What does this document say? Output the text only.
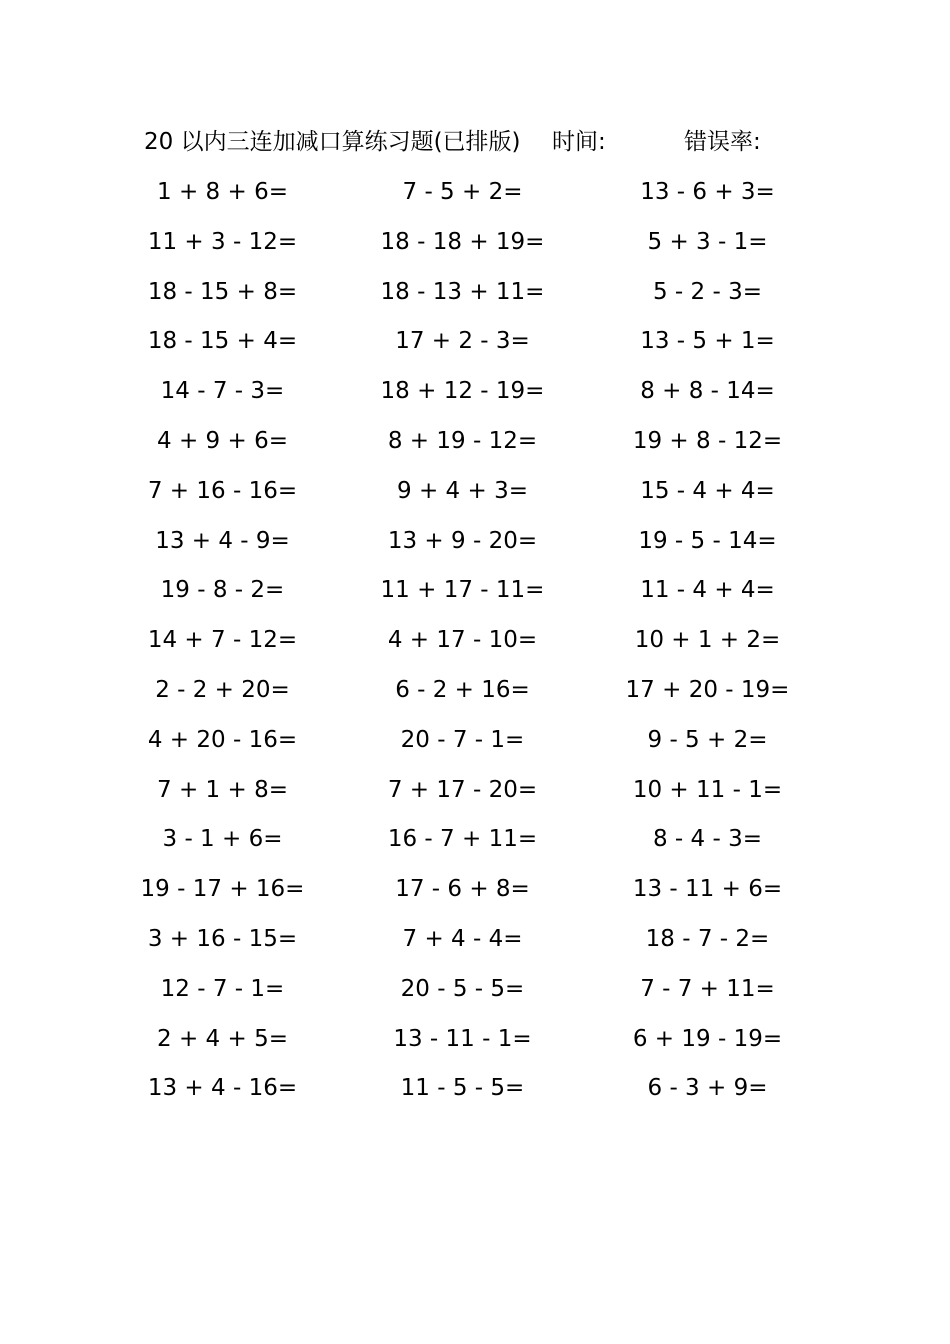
20 以内三连加减口算练习题(已排版) 时间:	错误率:
1 + 8 + 6=	7 - 5 + 2=	13 - 6 + 3=
11 + 3 - 12=	18 - 18 + 19=	5 + 3 - 1=
18 - 15 + 8=	18 - 13 + 11=	5 - 2 - 3=
18 - 15 + 4=	17 + 2 - 3=	13 - 5 + 1=
14 - 7 - 3=	18 + 12 - 19=	8 + 8 - 14=
4 + 9 + 6=	8 + 19 - 12=	19 + 8 - 12=
7 + 16 - 16=	9 + 4 + 3=	15 - 4 + 4=
13 + 4 - 9=	13 + 9 - 20=	19 - 5 - 14=
19 - 8 - 2=	11 + 17 - 11=	11 - 4 + 4=
14 + 7 - 12=	4 + 17 - 10=	10 + 1 + 2=
2 - 2 + 20=	6 - 2 + 16=	17 + 20 - 19=
4 + 20 - 16=	20 - 7 - 1=	9 - 5 + 2=
7 + 1 + 8=	7 + 17 - 20=	10 + 11 - 1=
3 - 1 + 6=	16 - 7 + 11=	8 - 4 - 3=
19 - 17 + 16=	17 - 6 + 8=	13 - 11 + 6=
3 + 16 - 15=	7 + 4 - 4=	18 - 7 - 2=
12 - 7 - 1=	20 - 5 - 5=	7 - 7 + 11=
2 + 4 + 5=	13 - 11 - 1=	6 + 19 - 19=
13 + 4 - 16=	11 - 5 - 5=	6 - 3 + 9=
